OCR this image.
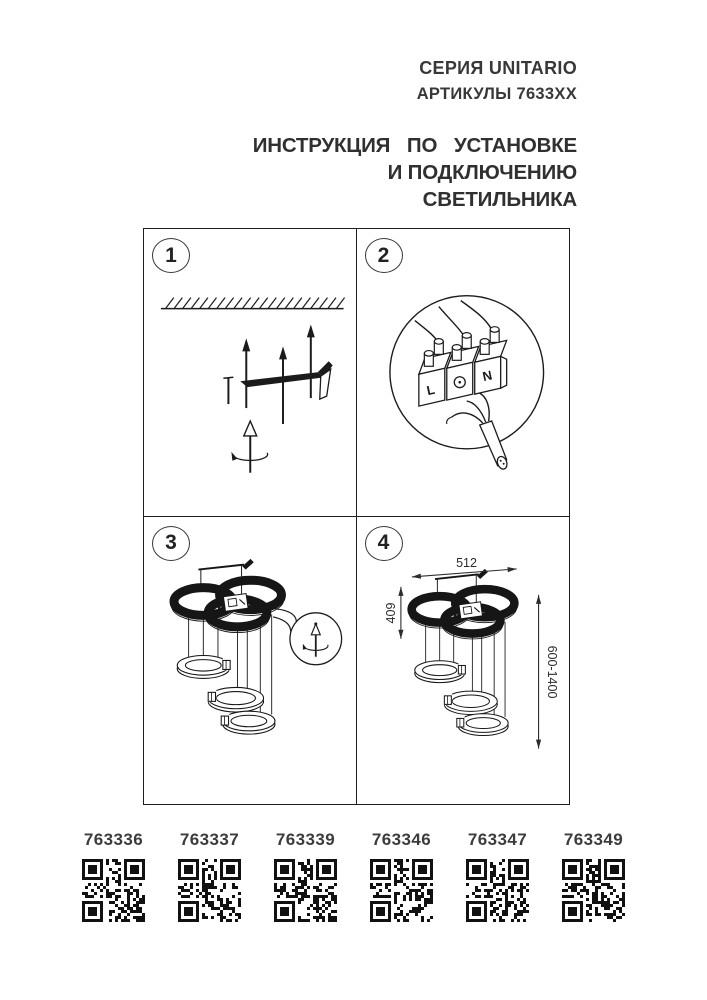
СЕРИЯ UNITARIO
АРТИКУЛЫ 7633XX
ИНСТРУКЦИЯ ПО УСТАНОВКЕ
И ПОДКЛЮЧЕНИЮ СВЕТИЛЬНИКА
1	2
L
N
3	4
512
409
600-1400
763336 763337 763339 763346 763347 763349
